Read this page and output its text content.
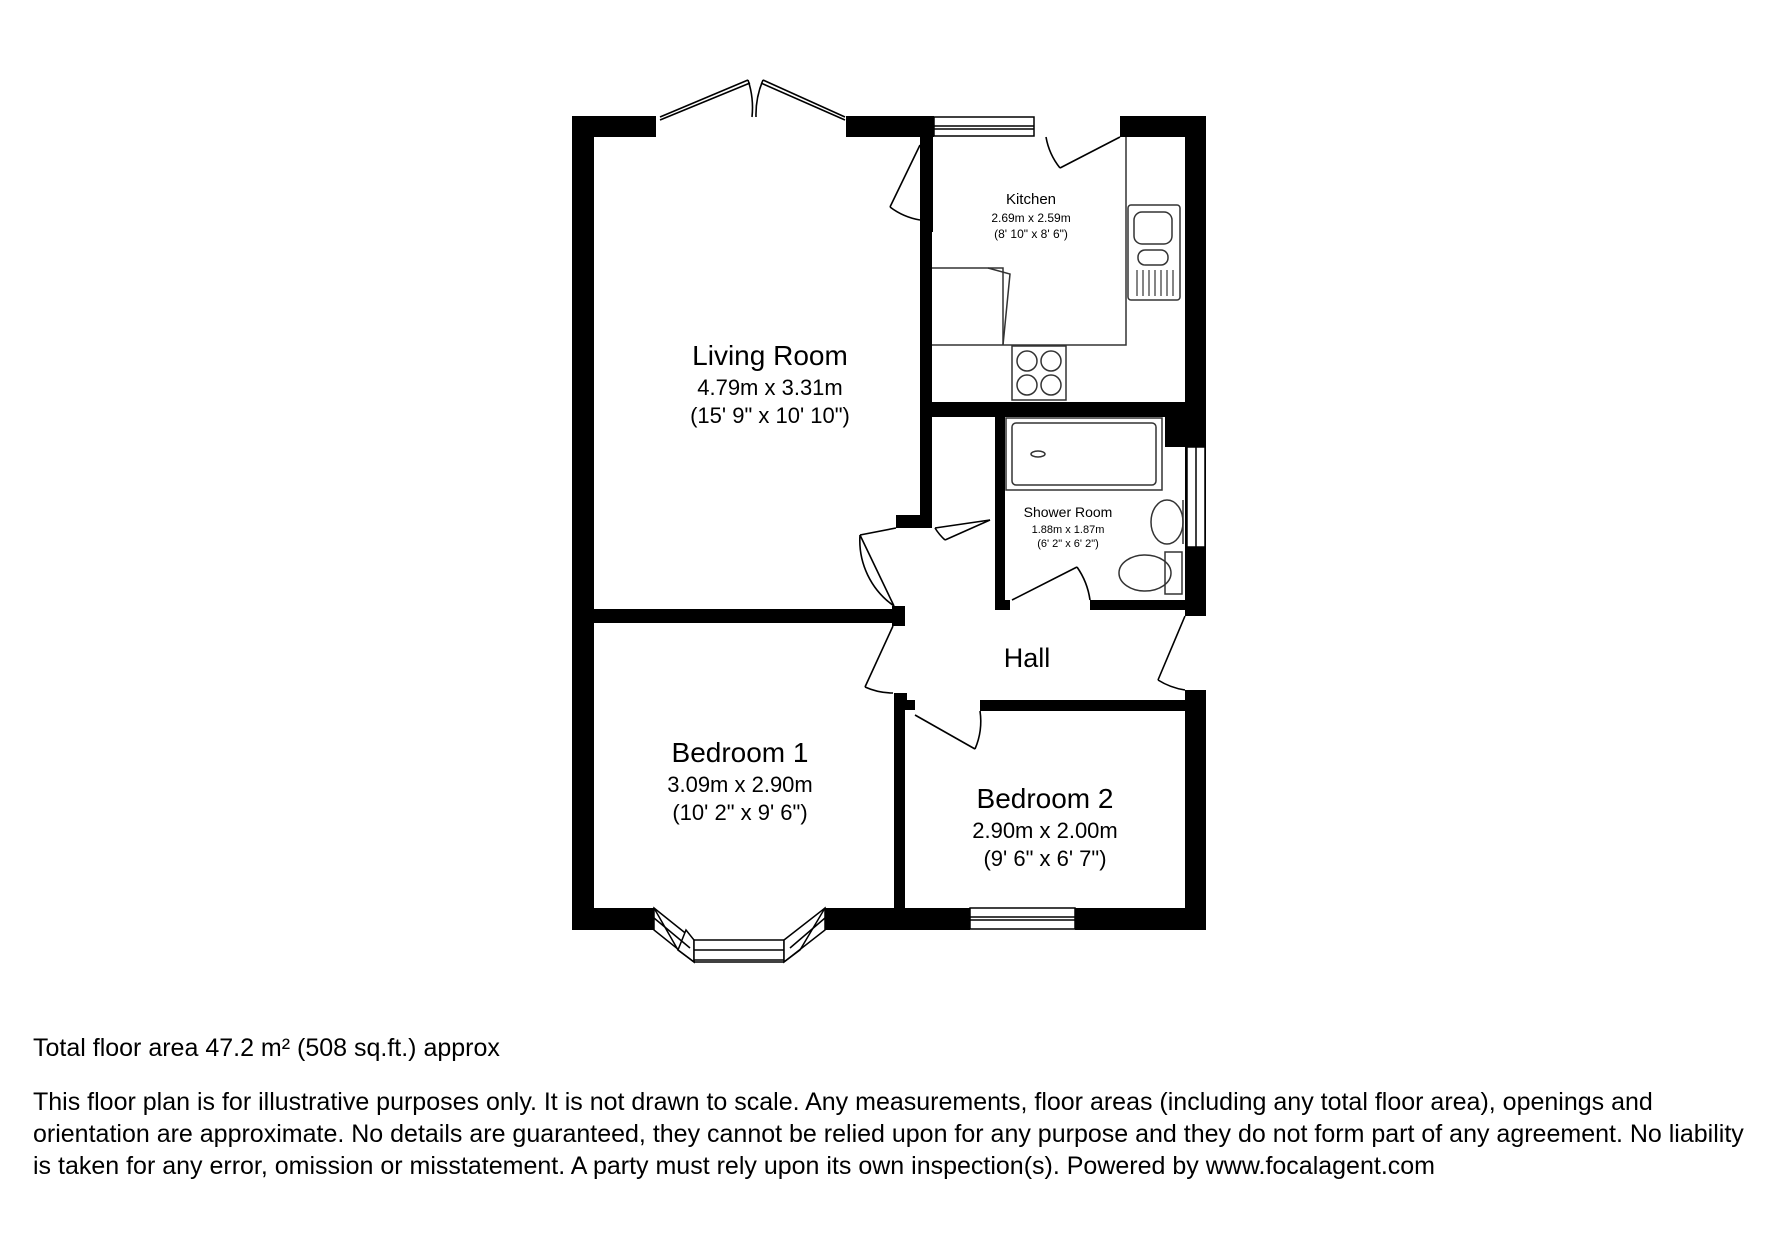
Living Room
4.79m x 3.31m
(15' 9" x 10' 10")
Kitchen
2.69m x 2.59m
(8' 10" x 8' 6")
Shower Room
1.88m x 1.87m
(6' 2" x 6' 2")
Hall
Bedroom 1
3.09m x 2.90m
(10' 2" x 9' 6")	Bedroom 2
2.90m x 2.00m
(9' 6" x 6' 7")

Total floor area 47.2 m² (508 sq.ft.) approx

This floor plan is for illustrative purposes only. It is not drawn to scale. Any measurements, floor areas (including any total floor area), openings and orientation are approximate. No details are guaranteed, they cannot be relied upon for any purpose and they do not form part of any agreement. No liability is taken for any error, omission or misstatement. A party must rely upon its own inspection(s). Powered by www.focalagent.com
